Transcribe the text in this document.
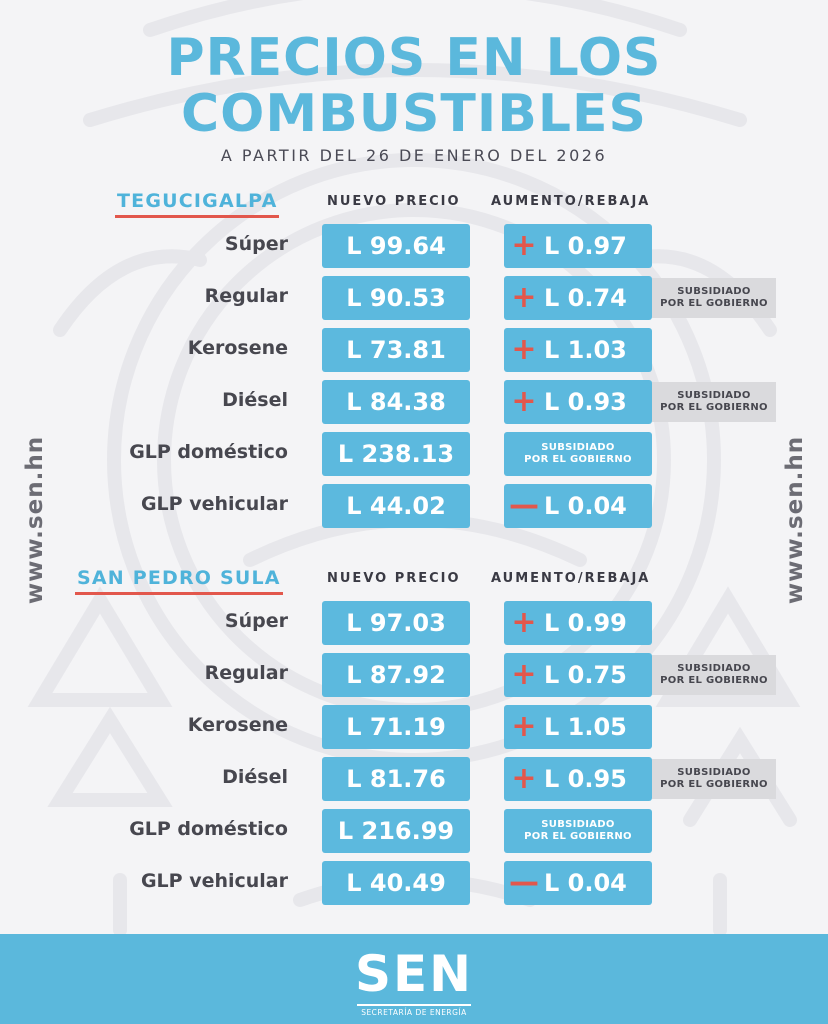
PRECIOS EN LOS
COMBUSTIBLES
A PARTIR DEL 26 DE ENERO DEL 2026
www.sen.hn	www.sen.hn
TEGUCIGALPA	NUEVO PRECIO AUMENTO/REBAJA
Súper	L 99.64	+ L 0.97
Regular	L 90.53	+ L 0.74	SUBSIDIADO
POR EL GOBIERNO
Kerosene	L 73.81	+ L 1.03
Diésel	L 84.38	+ L 0.93	SUBSIDIADO
POR EL GOBIERNO
GLP doméstico	L 238.13	SUBSIDIADO
POR EL GOBIERNO
GLP vehicular	L 44.02	— L 0.04
SAN PEDRO SULA	NUEVO PRECIO AUMENTO/REBAJA
Súper	L 97.03	+ L 0.99
Regular	L 87.92	+ L 0.75	SUBSIDIADO
POR EL GOBIERNO
Kerosene	L 71.19	+ L 1.05
Diésel	L 81.76	+ L 0.95	SUBSIDIADO
POR EL GOBIERNO
GLP doméstico	L 216.99	SUBSIDIADO
POR EL GOBIERNO
GLP vehicular	L 40.49	— L 0.04
SEN
SECRETARÍA DE ENERGÍA
